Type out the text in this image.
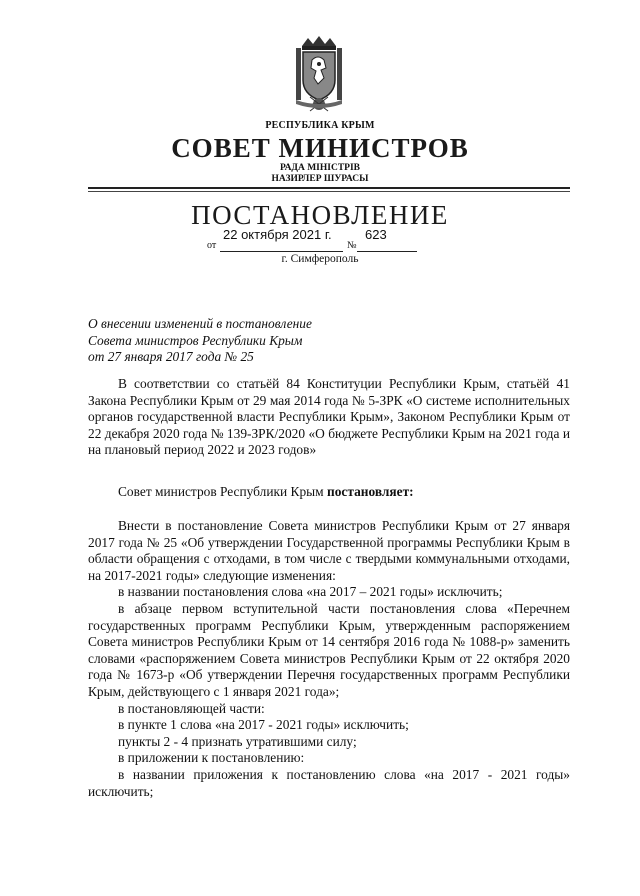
РЕСПУБЛИКА КРЫМ
СОВЕТ МИНИСТРОВ
РАДА МІНІСТРІВ
НАЗИРЛЕР ШУРАСЫ
ПОСТАНОВЛЕНИЕ
22 октября 2021 г.	623
от	№
г. Симферополь
О внесении изменений в постановление
Совета министров Республики Крым
от 27 января 2017 года № 25
В соответствии со статьёй 84 Конституции Республики Крым, статьёй 41 Закона Республики Крым от 29 мая 2014 года № 5-ЗРК «О системе исполнительных органов государственной власти Республики Крым», Законом Республики Крым от 22 декабря 2020 года № 139-ЗРК/2020 «О бюджете Республики Крым на 2021 года и на плановый период 2022 и 2023 годов»
Совет министров Республики Крым постановляет:

Внести в постановление Совета министров Республики Крым от 27 января 2017 года № 25 «Об утверждении Государственной программы Республики Крым в области обращения с отходами, в том числе с твердыми коммунальными отходами, на 2017-2021 годы» следующие изменения:

в названии постановления слова «на 2017 – 2021 годы» исключить;

в абзаце первом вступительной части постановления слова «Перечнем государственных программ Республики Крым, утвержденным распоряжением Совета министров Республики Крым от 14 сентября 2016 года № 1088-р» заменить словами «распоряжением Совета министров Республики Крым от 22 октября 2020 года № 1673-р «Об утверждении Перечня государственных программ Республики Крым, действующего с 1 января 2021 года»;

в постановляющей части:

в пункте 1 слова «на 2017 - 2021 годы» исключить;

пункты 2 - 4 признать утратившими силу;

в приложении к постановлению:

в названии приложения к постановлению слова «на 2017 - 2021 годы» исключить;
